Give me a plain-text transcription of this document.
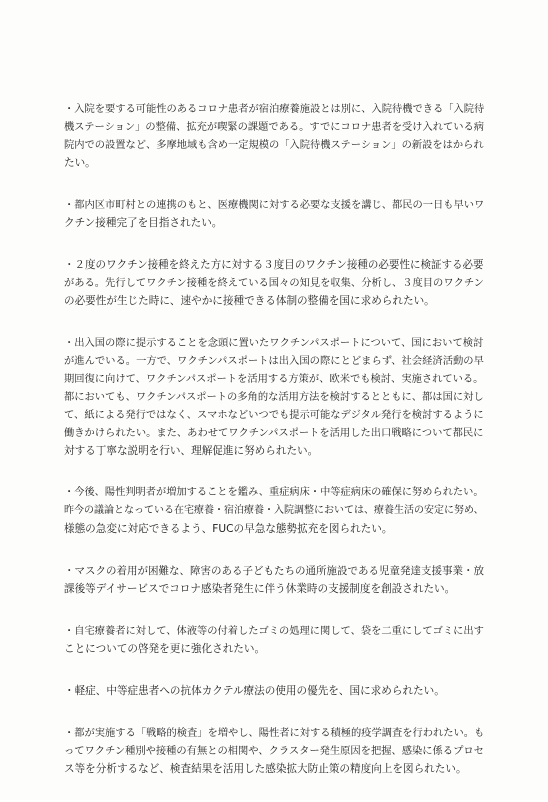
・入院を要する可能性のあるコロナ患者が宿泊療養施設とは別に、入院待機できる「入院待
機ステーション」の整備、拡充が喫緊の課題である。すでにコロナ患者を受け入れている病
院内での設置など、多摩地域も含め一定規模の「入院待機ステーション」の新設をはかられ
たい。

・都内区市町村との連携のもと、医療機関に対する必要な支援を講じ、都民の一日も早いワ
クチン接種完了を目指されたい。

・２度のワクチン接種を終えた方に対する３度目のワクチン接種の必要性に検証する必要
がある。先行してワクチン接種を終えている国々の知見を収集、分析し、３度目のワクチン
の必要性が生じた時に、速やかに接種できる体制の整備を国に求められたい。

・出入国の際に提示することを念頭に置いたワクチンパスポートについて、国において検討
が進んでいる。一方で、ワクチンパスポートは出入国の際にとどまらず、社会経済活動の早
期回復に向けて、ワクチンパスポートを活用する方策が、欧米でも検討、実施されている。
都においても、ワクチンパスポートの多角的な活用方法を検討するとともに、都は国に対し
て、紙による発行ではなく、スマホなどいつでも提示可能なデジタル発行を検討するように
働きかけられたい。また、あわせてワクチンパスポートを活用した出口戦略について都民に
対する丁寧な説明を行い、理解促進に努められたい。

・今後、陽性判明者が増加することを鑑み、重症病床・中等症病床の確保に努められたい。
昨今の議論となっている在宅療養・宿泊療養・入院調整においては、療養生活の安定に努め、
様態の急変に対応できるよう、FUCの早急な態勢拡充を図られたい。

・マスクの着用が困難な、障害のある子どもたちの通所施設である児童発達支援事業・放
課後等デイサービスでコロナ感染者発生に伴う休業時の支援制度を創設されたい。

・自宅療養者に対して、体液等の付着したゴミの処理に関して、袋を二重にしてゴミに出す
ことについての啓発を更に強化されたい。

・軽症、中等症患者への抗体カクテル療法の使用の優先を、国に求められたい。

・都が実施する「戦略的検査」を増やし、陽性者に対する積極的疫学調査を行われたい。も
ってワクチン種別や接種の有無との相関や、クラスター発生原因を把握、感染に係るプロセ
ス等を分析するなど、検査結果を活用した感染拡大防止策の精度向上を図られたい。
